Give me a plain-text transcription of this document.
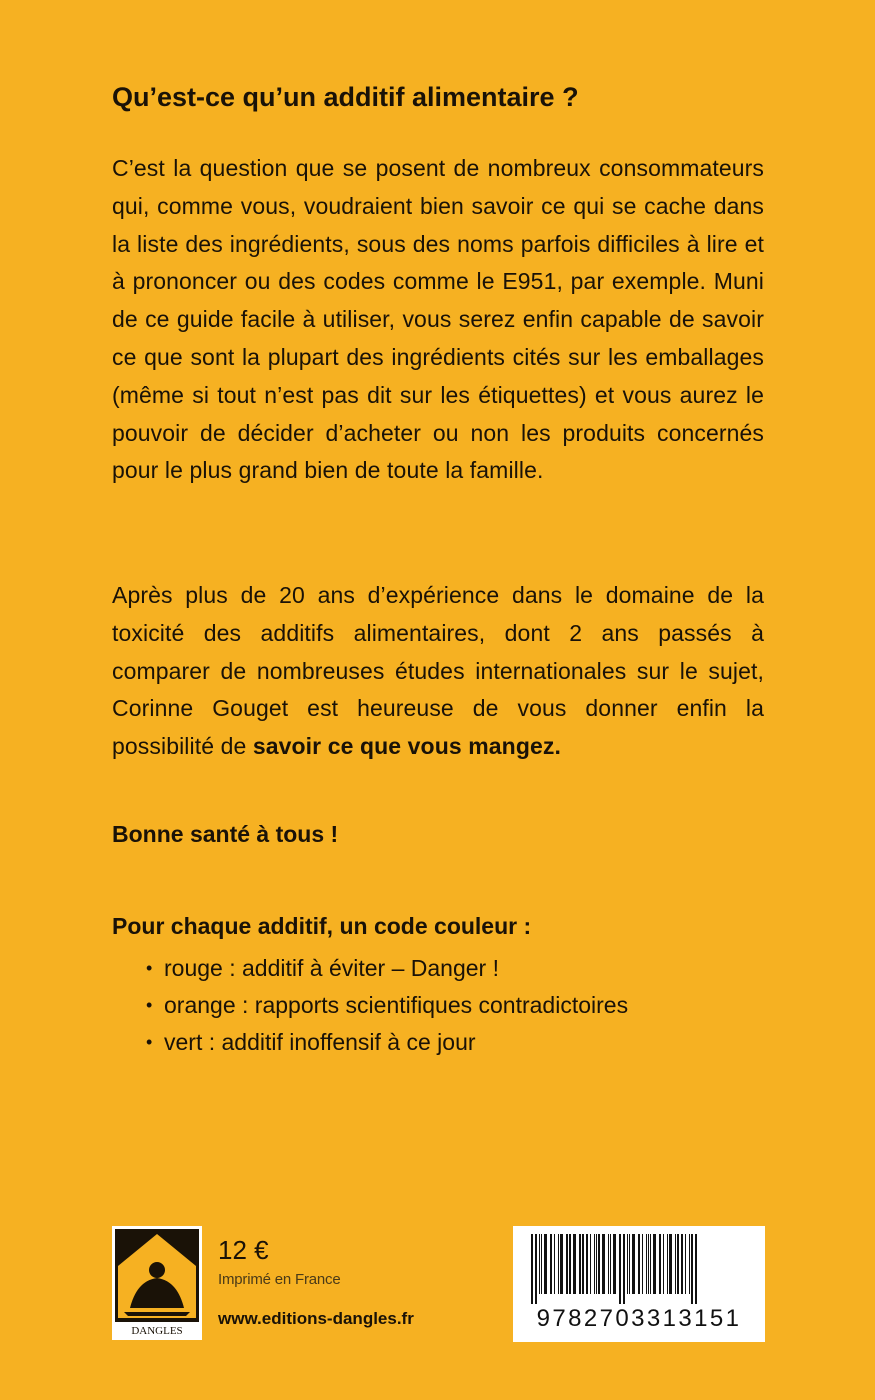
Qu’est-ce qu’un additif alimentaire ?

C’est la question que se posent de nombreux consommateurs qui, comme vous, voudraient bien savoir ce qui se cache dans la liste des ingrédients, sous des noms parfois difficiles à lire et à prononcer ou des codes comme le E951, par exemple. Muni de ce guide facile à utiliser, vous serez enfin capable de savoir ce que sont la plupart des ingrédients cités sur les emballages (même si tout n’est pas dit sur les étiquettes) et vous aurez le pouvoir de décider d’acheter ou non les produits concernés pour le plus grand bien de toute la famille.

Après plus de 20 ans d’expérience dans le domaine de la toxicité des additifs alimentaires, dont 2 ans passés à comparer de nombreuses études internationales sur le sujet, Corinne Gouget est heureuse de vous donner enfin la possibilité de savoir ce que vous mangez.

Bonne santé à tous !

Pour chaque additif, un code couleur :

• rouge : additif à éviter – Danger !
• orange : rapports scientifiques contradictoires
• vert : additif inoffensif à ce jour
DANGLES

12 €

Imprimé en France

www.editions-dangles.fr	9782703313151
